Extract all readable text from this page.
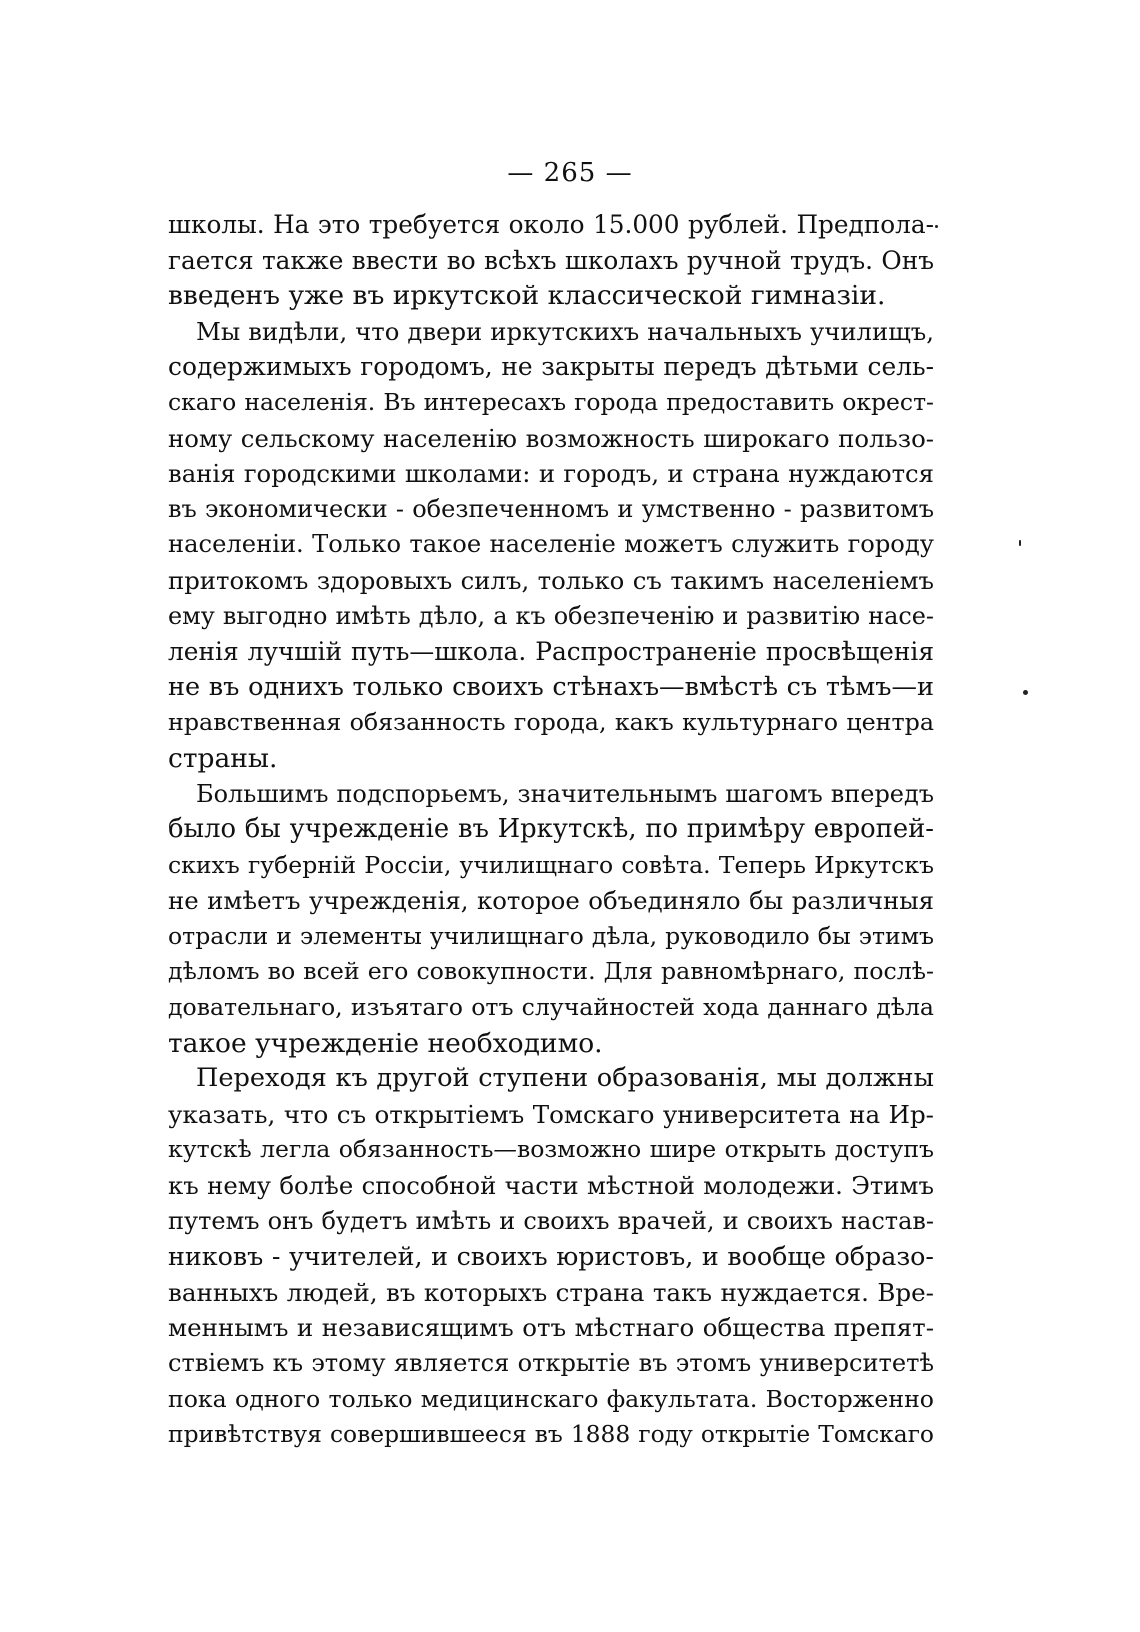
— 265 —
школы. На это требуется около 15.000 рублей. Предпола-
гается также ввести во всѣхъ школахъ ручной трудъ. Онъ
введенъ уже въ иркутской классической гимназіи.
Мы видѣли, что двери иркутскихъ начальныхъ училищъ,
содержимыхъ городомъ, не закрыты передъ дѣтьми сель-
скаго населенія. Въ интересахъ города предоставить окрест-
ному сельскому населенію возможность широкаго пользо-
ванія городскими школами: и городъ, и страна нуждаются
въ экономически - обезпеченномъ и умственно - развитомъ
населеніи. Только такое населеніе можетъ служить городу
притокомъ здоровыхъ силъ, только съ такимъ населеніемъ
ему выгодно имѣть дѣло, а къ обезпеченію и развитію насе-
ленія лучшій путь—школа. Распространеніе просвѣщенія
не въ однихъ только своихъ стѣнахъ—вмѣстѣ съ тѣмъ—и
нравственная обязанность города, какъ культурнаго центра
страны.
Большимъ подспорьемъ, значительнымъ шагомъ впередъ
было бы учрежденіе въ Иркутскѣ, по примѣру европей-
скихъ губерній Россіи, училищнаго совѣта. Теперь Иркутскъ
не имѣетъ учрежденія, которое объединяло бы различныя
отрасли и элементы училищнаго дѣла, руководило бы этимъ
дѣломъ во всей его совокупности. Для равномѣрнаго, послѣ-
довательнаго, изъятаго отъ случайностей хода даннаго дѣла
такое учрежденіе необходимо.
Переходя къ другой ступени образованія, мы должны
указать, что съ открытіемъ Томскаго университета на Ир-
кутскѣ легла обязанность—возможно шире открыть доступъ
къ нему болѣе способной части мѣстной молодежи. Этимъ
путемъ онъ будетъ имѣть и своихъ врачей, и своихъ настав-
никовъ - учителей, и своихъ юристовъ, и вообще образо-
ванныхъ людей, въ которыхъ страна такъ нуждается. Вре-
меннымъ и независящимъ отъ мѣстнаго общества препят-
ствіемъ къ этому является открытіе въ этомъ университетѣ
пока одного только медицинскаго факультата. Восторженно
привѣтствуя совершившееся въ 1888 году открытіе Томскаго
